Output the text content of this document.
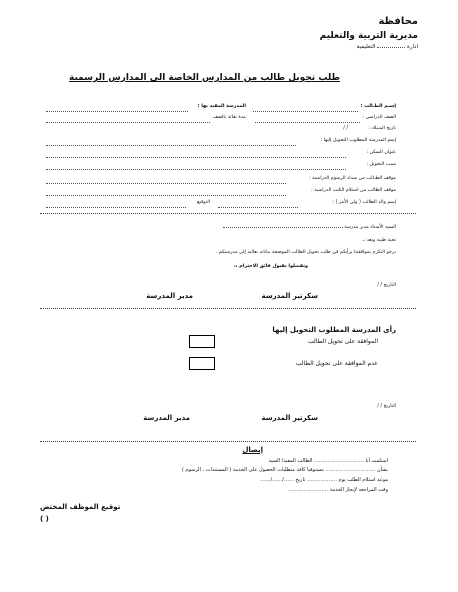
محافظة
مديرية التربية والتعليم
ادارة  التعليمية
طلب تحويل طالب من المدارس الخاصة الى المدارس الرسمية
إسـم الطـالب :
المدرسة المقيد بها :
الصف الدراسي :
مدة بقائه بالصف
تاريخ المـيلاد :
/ /
إسم المدرسة المطلوب التحويل إليها :
عنوان السكن :
سبب التحويل :
موقف الطـالب من سداد الرسوم الدراسية :
موقف الطالب من استلام الكتب الدراسية :
إسم والد الطالب ( ولي الأمر ) :
التوقيع
السيد الأستاذ مدير مدرسة
تحية طيبة وبعد ،،
نرجو التكرم بموافقتنا برأيكم في طلب تحويل الطالب الموضحة بياناته بعاليه إلى مدرستكم .
وتفضلوا بقبول فائق الاحترام ،،
التاريخ / /
سكرتير المدرسة
مدير المدرسة
رأى المدرسة المطلوب التحويل إليها
الموافقة على تحويل الطالب
عدم الموافقة على تحويل الطالب
التاريخ / /
سكرتير المدرسة
مدير المدرسة
إيصال
استلمت أنا ………………………… الطالب المقيد/ السيد
بشأن ………………………… مستوفيا كافة متطلبات الحصول على الخدمة ( المستندات ، الرسوم )
موعد استلام الطلب يوم ……………… تاريخ ……/……/……
وقت المراجعة لإنجاز الخدمة ……………………
توقيع الموظف المختص
( )
